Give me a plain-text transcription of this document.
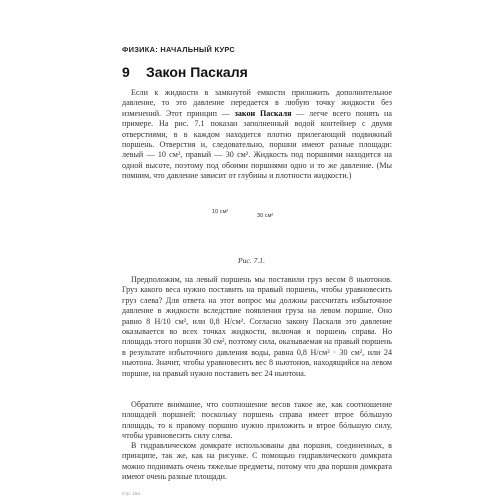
ФИЗИКА: НАЧАЛЬНЫЙ КУРС
9 Закон Паскаля

Если к жидкости в замкнутой емкости приложить дополнительное давление, то это давление передается в любую точку жидкости без изменений. Этот принцип — закон Паскаля — легче всего понять на примере. На рис. 7.1 показан заполненный водой контейнер с двумя отверстиями, в в каждом находится плотно прилегающий подвижный поршень. Отверстия и, следовательно, поршни имеют разные площади: левый — 10 см², правый — 30 см². Жидкость под поршнями находится на одной высоте, поэтому под обоими поршнями одно и то же давление. (Мы помним, что давление зависит от глубины и плотности жидкости.)

10 см²
30 см²
Рис. 7.1.

Предположим, на левый поршень мы поставили груз весом 8 ньютонов. Груз какого веса нужно поставить на правый поршень, чтобы уравновесить груз слева? Для ответа на этот вопрос мы должны рассчитать избыточное давление в жидкости вследствие появления груза на левом поршне. Оно равно 8 Н/10 см², или 0,8 Н/см². Согласно закону Паскаля это давление оказывается во всех точках жидкости, включая и поршень справа. Но площадь этого поршня 30 см², поэтому сила, оказываемая на правый поршень в результате избыточного давления воды, равна 0,8 Н/см² · 30 см², или 24 ньютона. Значит, чтобы уравновесить вес 8 ньютонов, находящийся на левом поршне, на правый нужно поставить вес 24 ньютона.

Обратите внимание, что соотношение весов такое же, как соотношение площадей поршней: поскольку поршень справа имеет втрое бóльшую площадь, то к правому поршню нужно приложить и втрое бóльшую силу, чтобы уравновесить силу слева.

В гидравлическом домкрате использованы два поршня, соединенных, в принципе, так же, как на рисунке. С помощью гидравлического домкрата можно поднимать очень тяжелые предметы, потому что два поршня домкрата имеют очень разные площади.

Стр. 154
